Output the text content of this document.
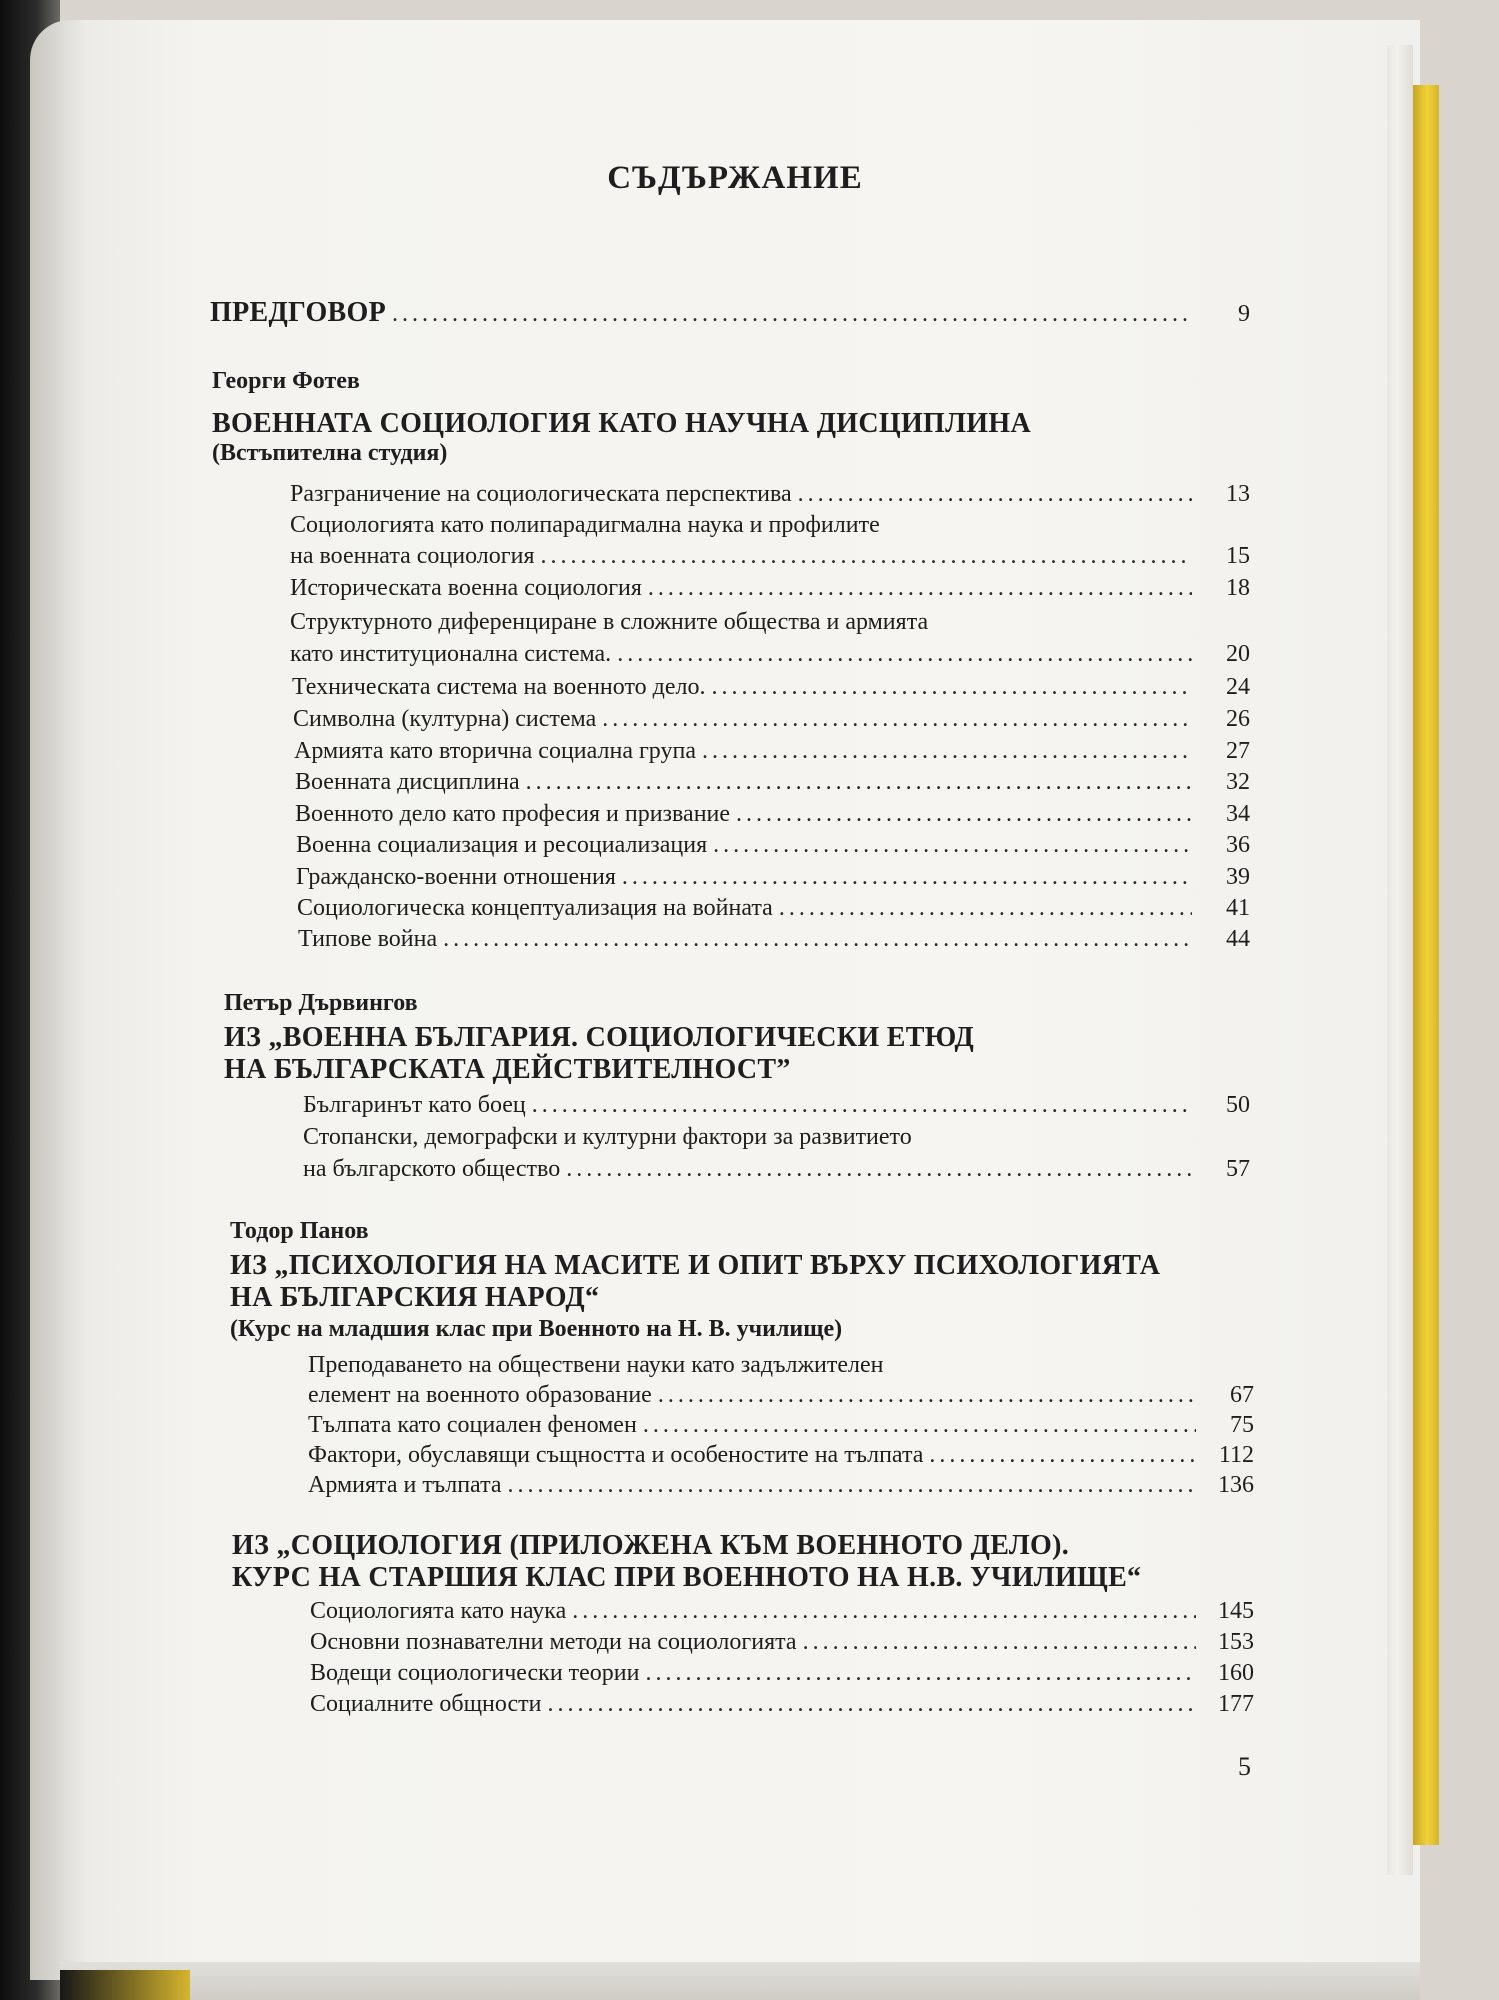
СЪДЪРЖАНИЕ
ПРЕДГОВОР .....	9
Георги Фотев
ВОЕННАТА СОЦИОЛОГИЯ КАТО НАУЧНА ДИСЦИПЛИНА
(Встъпителна студия)
Разграничение на социологическата перспектива .....	13
Социологията като полипарадигмална наука и профилите
на военната социология .....	15
Историческата военна социология .....	18
Структурното диференциране в сложните общества и армията
като институционална система. .....	20
Техническата система на военното дело. .....	24
Символна (културна) система .....	26
Армията като вторична социална група .....	27
Военната дисциплина .....	32
Военното дело като професия и призвание .....	34
Военна социализация и ресоциализация .....	36
Гражданско-военни отношения .....	39
Социологическа концептуализация на войната .....	41
Типове война .....	44
Петър Дървингов
ИЗ „ВОЕННА БЪЛГАРИЯ. СОЦИОЛОГИЧЕСКИ ЕТЮД
НА БЪЛГАРСКАТА ДЕЙСТВИТЕЛНОСТ”
Българинът като боец .....	50
Стопански, демографски и културни фактори за развитието
на българското общество .....	57
Тодор Панов
ИЗ „ПСИХОЛОГИЯ НА МАСИТЕ И ОПИТ ВЪРХУ ПСИХОЛОГИЯТА
НА БЪЛГАРСКИЯ НАРОД“
(Курс на младшия клас при Военното на Н. В. училище)
Преподаването на обществени науки като задължителен
елемент на военното образование .....	67
Тълпата като социален феномен .....	75
Фактори, обуславящи същността и особеностите на тълпата .....	112
Армията и тълпата .....	136
ИЗ „СОЦИОЛОГИЯ (ПРИЛОЖЕНА КЪМ ВОЕННОТО ДЕЛО).
КУРС НА СТАРШИЯ КЛАС ПРИ ВОЕННОТО НА Н.В. УЧИЛИЩЕ“
Социологията като наука .....	145
Основни познавателни методи на социологията .....	153
Водещи социологически теории .....	160
Социалните общности .....	177
5
